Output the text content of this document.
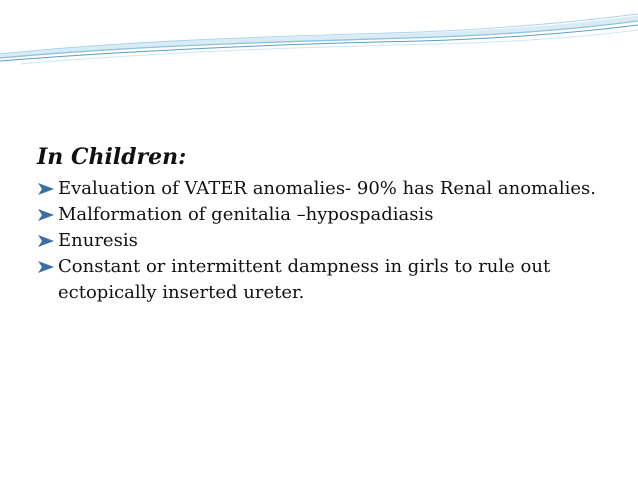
In Children:
Evaluation of VATER anomalies- 90% has Renal anomalies.
Malformation of genitalia –hypospadiasis
Enuresis
Constant or intermittent dampness in girls to rule out ectopically inserted ureter.
